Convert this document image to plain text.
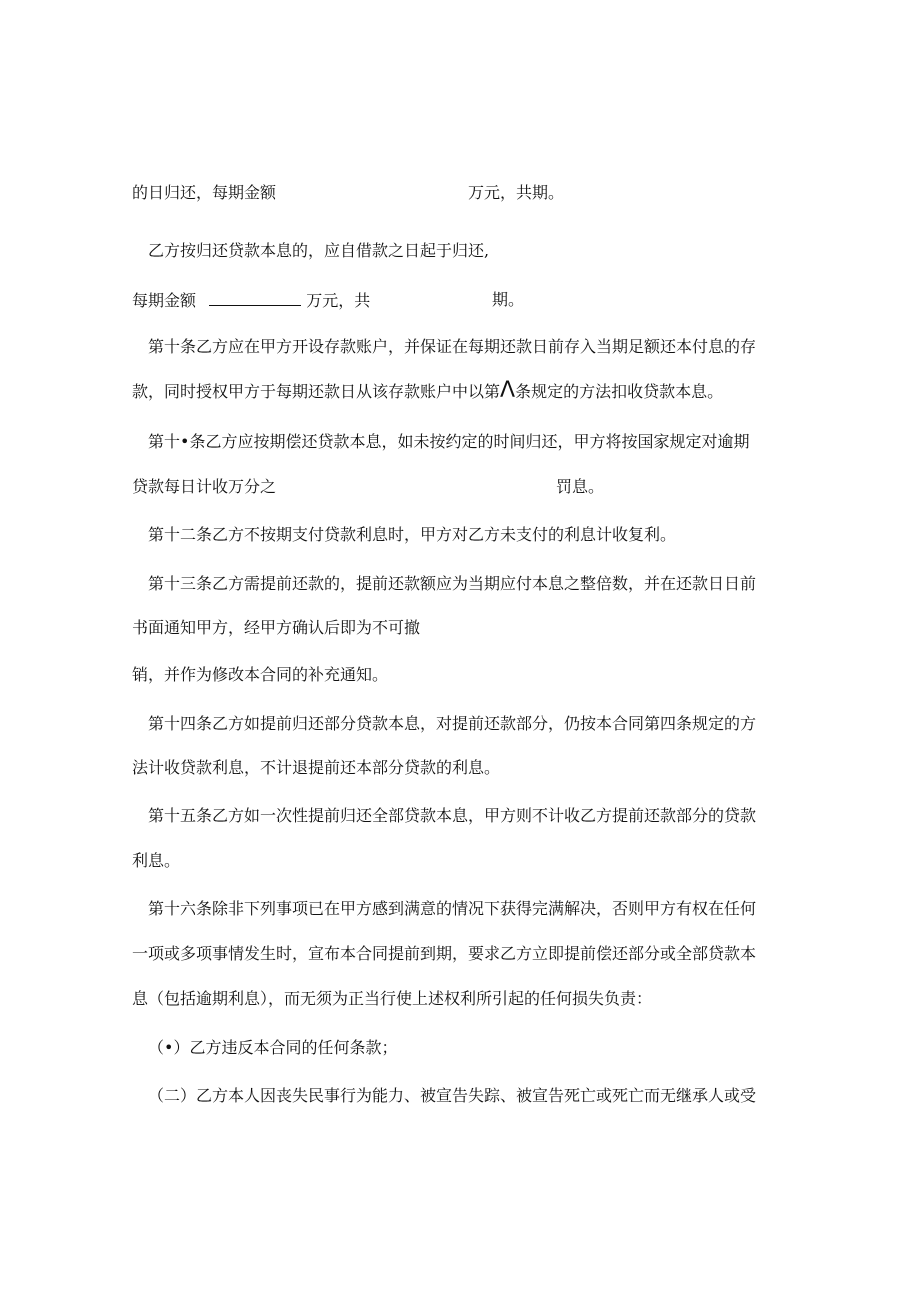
的日归还，每期金额	万元，共期。
乙方按归还贷款本息的，应自借款之日起于归还,
每期金额	万元，共	期。
第十条乙方应在甲方开设存款账户，并保证在每期还款日前存入当期足额还本付息的存
款，同时授权甲方于每期还款日从该存款账户中以第Λ条规定的方法扣收贷款本息。
第十•条乙方应按期偿还贷款本息，如未按约定的时间归还，甲方将按国家规定对逾期
贷款每日计收万分之	罚息。
第十二条乙方不按期支付贷款利息时，甲方对乙方未支付的利息计收复利。
第十三条乙方需提前还款的，提前还款额应为当期应付本息之整倍数，并在还款日日前
书面通知甲方，经甲方确认后即为不可撤
销，并作为修改本合同的补充通知。
第十四条乙方如提前归还部分贷款本息，对提前还款部分，仍按本合同第四条规定的方
法计收贷款利息，不计退提前还本部分贷款的利息。
第十五条乙方如一次性提前归还全部贷款本息，甲方则不计收乙方提前还款部分的贷款
利息。
第十六条除非下列事项已在甲方感到满意的情况下获得完满解决，否则甲方有权在任何
一项或多项事情发生时，宣布本合同提前到期，要求乙方立即提前偿还部分或全部贷款本
息（包括逾期利息），而无须为正当行使上述权利所引起的任何损失负责：
（•）乙方违反本合同的任何条款；
（二）乙方本人因丧失民事行为能力、被宣告失踪、被宣告死亡或死亡而无继承人或受
